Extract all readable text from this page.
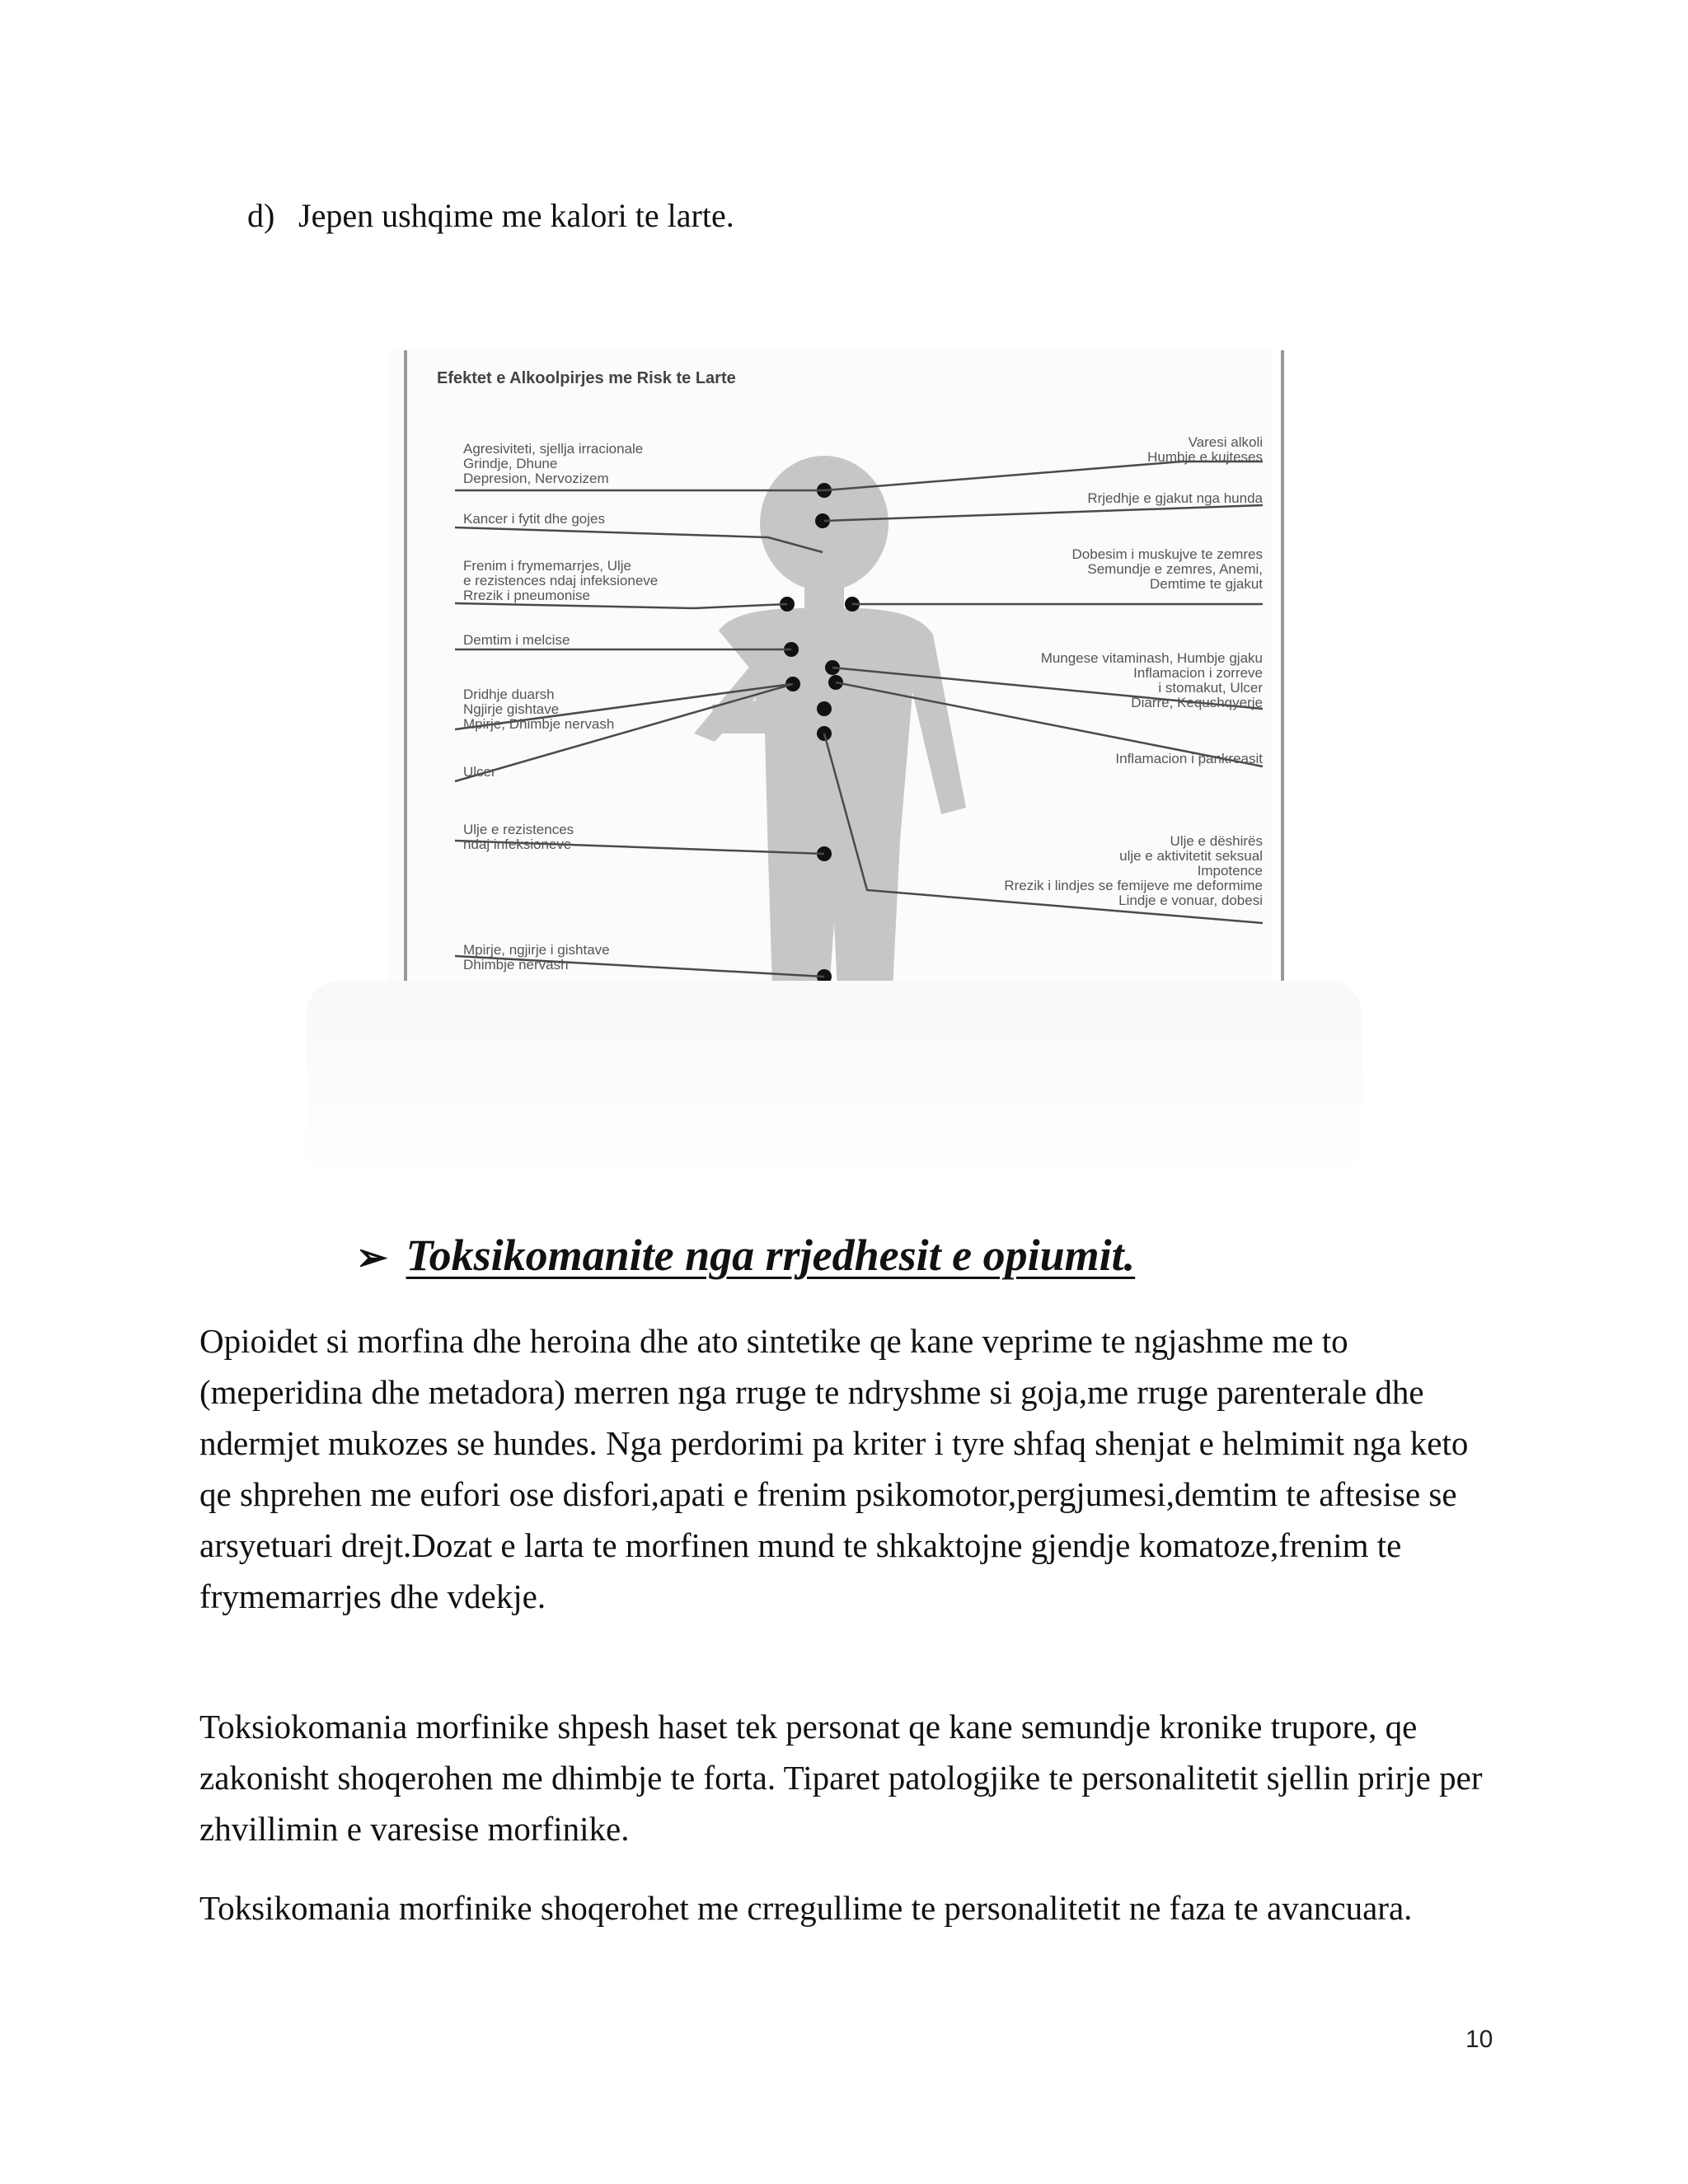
d) Jepen ushqime me kalori te larte.
Efektet e Alkoolpirjes me Risk te Larte
Agresiviteti, sjellja irracionale
Grindje, Dhune
Depresion, Nervozizem
Kancer i fytit dhe gojes
Frenim i frymemarrjes, Ulje
e rezistences ndaj infeksioneve
Rrezik i pneumonise
Demtim i melcise
Dridhje duarsh
Ngjirje gishtave
Mpirje, Dhimbje nervash
Ulcer
Ulje e rezistences
ndaj infeksioneve
Mpirje, ngjirje i gishtave
Dhimbje nervash
Varesi alkoli
Humbje e kujteses
Rrjedhje e gjakut nga hunda
Dobesim i muskujve te zemres
Semundje e zemres, Anemi,
Demtime te gjakut
Mungese vitaminash, Humbje gjaku
Inflamacion i zorreve
i stomakut, Ulcer
Diarre, Kequshqyerje
Inflamacion i pankreasit
Ulje e dëshirës
ulje e aktivitetit seksual
Impotence
Rrezik i lindjes se femijeve me deformime
Lindje e vonuar, dobesi
➢ Toksikomanite nga rrjedhesit e opiumit.

Opioidet si morfina dhe heroina dhe ato sintetike qe kane veprime te ngjashme me to (meperidina dhe metadora) merren nga rruge te ndryshme si goja,me rruge parenterale dhe ndermjet mukozes se hundes. Nga perdorimi pa kriter i tyre shfaq shenjat e helmimit nga keto qe shprehen me eufori ose disfori,apati e frenim psikomotor,pergjumesi,demtim te aftesise se arsyetuari drejt.Dozat e larta te morfinen mund te shkaktojne gjendje komatoze,frenim te frymemarrjes dhe vdekje.

Toksiokomania morfinike shpesh haset tek personat qe kane semundje kronike trupore, qe zakonisht shoqerohen me dhimbje te forta. Tiparet patologjike te personalitetit sjellin prirje per zhvillimin e varesise morfinike.

Toksikomania morfinike shoqerohet me crregullime te personalitetit ne faza te avancuara.

10
